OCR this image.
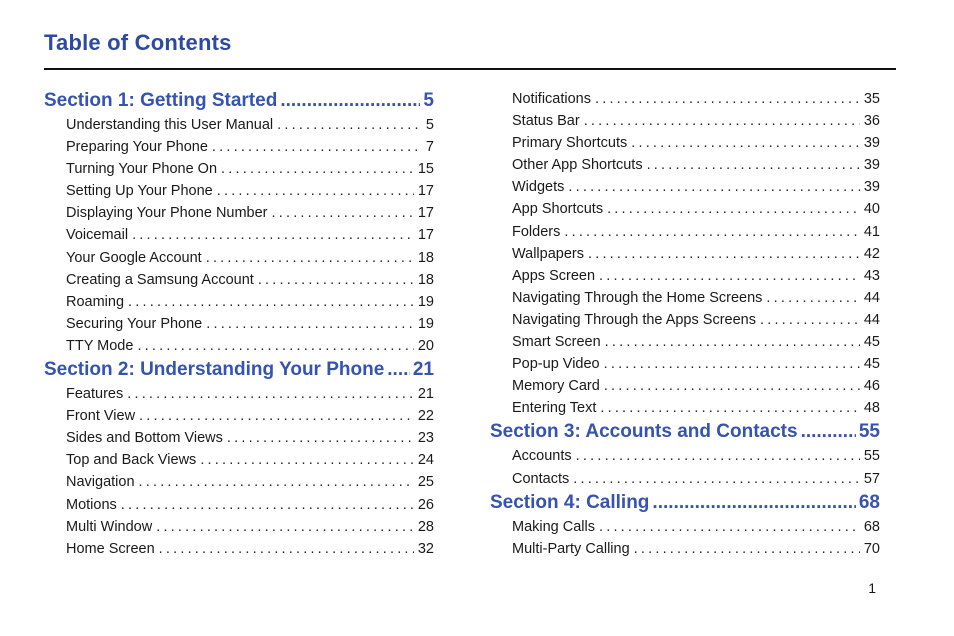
Table of Contents
Section 1: Getting Started .....	5
Understanding this User Manual .....	5
Preparing Your Phone .....	7
Turning Your Phone On .....	15
Setting Up Your Phone .....	17
Displaying Your Phone Number .....	17
Voicemail .....	17
Your Google Account .....	18
Creating a Samsung Account .....	18
Roaming .....	19
Securing Your Phone .....	19
TTY Mode .....	20
Section 2: Understanding Your Phone ..... 21
Features .....	21
Front View .....	22
Sides and Bottom Views .....	23
Top and Back Views .....	24
Navigation .....	25
Motions .....	26
Multi Window .....	28
Home Screen .....	32
Notifications .....	35
Status Bar .....	36
Primary Shortcuts .....	39
Other App Shortcuts .....	39
Widgets .....	39
App Shortcuts .....	40
Folders .....	41
Wallpapers .....	42
Apps Screen .....	43
Navigating Through the Home Screens .....	44
Navigating Through the Apps Screens .....	44
Smart Screen .....	45
Pop-up Video .....	45
Memory Card .....	46
Entering Text .....	48
Section 3: Accounts and Contacts .....	55
Accounts .....	55
Contacts .....	57
Section 4: Calling .....	68
Making Calls .....	68
Multi-Party Calling .....	70
1
